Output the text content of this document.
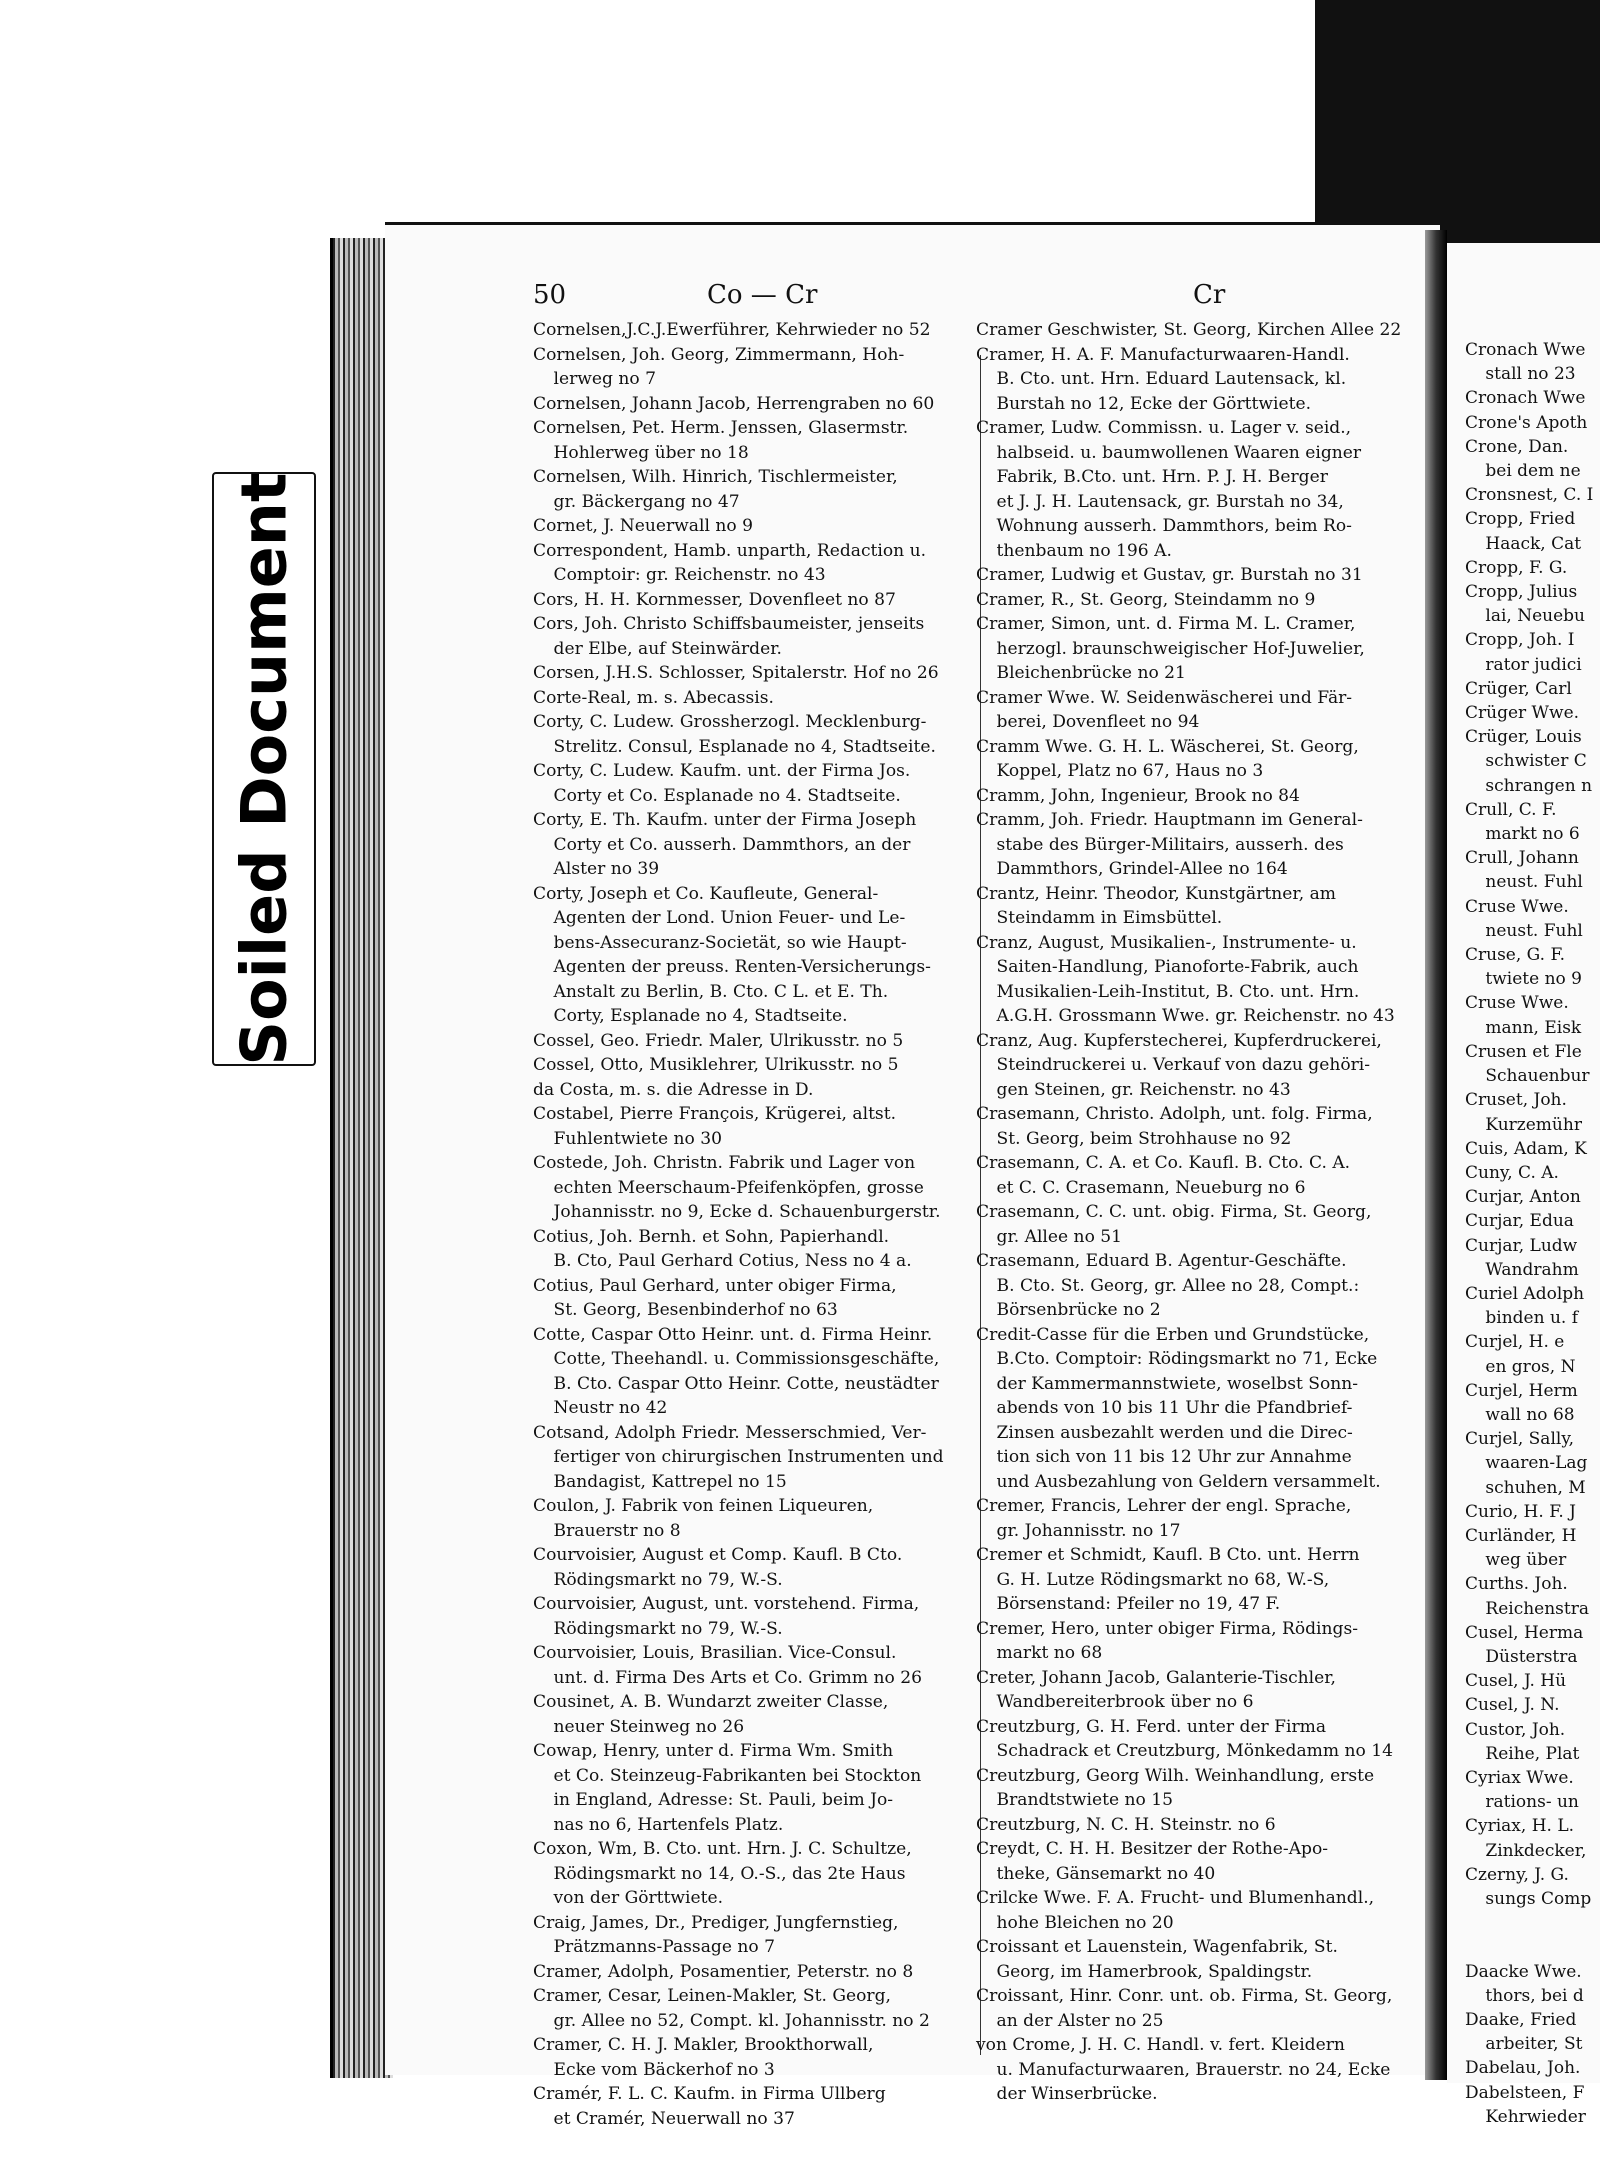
Cronach Wwe

stall no 23

Cronach Wwe

Crone's Apoth

Crone, Dan.

bei dem ne

Cronsnest, C. I

Cropp, Fried

Haack, Cat

Cropp, F. G.

Cropp, Julius

lai, Neuebu

Cropp, Joh. I

rator judici

Crüger, Carl

Crüger Wwe.

Crüger, Louis

schwister C

schrangen n

Crull, C. F.

markt no 6

Crull, Johann

neust. Fuhl

Cruse Wwe.

neust. Fuhl

Cruse, G. F.

twiete no 9

Cruse Wwe.

mann, Eisk

Crusen et Fle

Schauenbur

Cruset, Joh.

Kurzemühr

Cuis, Adam, K

Cuny, C. A.

Curjar, Anton

Curjar, Edua

Curjar, Ludw

Wandrahm

Curiel Adolph

binden u. f

Curjel, H. e

en gros, N

Curjel, Herm

wall no 68

Curjel, Sally,

waaren-Lag

schuhen, M

Curio, H. F. J

Curländer, H

weg über

Curths. Joh.

Reichenstra

Cusel, Herma

Düsterstra

Cusel, J. Hü

Cusel, J. N.

Custor, Joh.

Reihe, Plat

Cyriax Wwe.

rations- un

Cyriax, H. L.

Zinkdecker,

Czerny, J. G.

sungs Comp

Daacke Wwe.

thors, bei d

Daake, Fried

arbeiter, St

Dabelau, Joh.

Dabelsteen, F

Kehrwieder

Soiled Document
50	Co — Cr	Cr

Cornelsen,J.C.J.Ewerführer, Kehrwieder no 52

Cornelsen, Joh. Georg, Zimmermann, Hoh-

lerweg no 7

Cornelsen, Johann Jacob, Herrengraben no 60

Cornelsen, Pet. Herm. Jenssen, Glasermstr.

Hohlerweg über no 18

Cornelsen, Wilh. Hinrich, Tischlermeister,

gr. Bäckergang no 47

Cornet, J. Neuerwall no 9

Correspondent, Hamb. unparth, Redaction u.

Comptoir: gr. Reichenstr. no 43

Cors, H. H. Kornmesser, Dovenfleet no 87

Cors, Joh. Christo Schiffsbaumeister, jenseits

der Elbe, auf Steinwärder.

Corsen, J.H.S. Schlosser, Spitalerstr. Hof no 26

Corte-Real, m. s. Abecassis.

Corty, C. Ludew. Grossherzogl. Mecklenburg-

Strelitz. Consul, Esplanade no 4, Stadtseite.

Corty, C. Ludew. Kaufm. unt. der Firma Jos.

Corty et Co. Esplanade no 4. Stadtseite.

Corty, E. Th. Kaufm. unter der Firma Joseph

Corty et Co. ausserh. Dammthors, an der

Alster no 39

Corty, Joseph et Co. Kaufleute, General-

Agenten der Lond. Union Feuer- und Le-

bens-Assecuranz-Societät, so wie Haupt-

Agenten der preuss. Renten-Versicherungs-

Anstalt zu Berlin, B. Cto. C L. et E. Th.

Corty, Esplanade no 4, Stadtseite.

Cossel, Geo. Friedr. Maler, Ulrikusstr. no 5

Cossel, Otto, Musiklehrer, Ulrikusstr. no 5

da Costa, m. s. die Adresse in D.

Costabel, Pierre François, Krügerei, altst.

Fuhlentwiete no 30

Costede, Joh. Christn. Fabrik und Lager von

echten Meerschaum-Pfeifenköpfen, grosse

Johannisstr. no 9, Ecke d. Schauenburgerstr.

Cotius, Joh. Bernh. et Sohn, Papierhandl.

B. Cto, Paul Gerhard Cotius, Ness no 4 a.

Cotius, Paul Gerhard, unter obiger Firma,

St. Georg, Besenbinderhof no 63

Cotte, Caspar Otto Heinr. unt. d. Firma Heinr.

Cotte, Theehandl. u. Commissionsgeschäfte,

B. Cto. Caspar Otto Heinr. Cotte, neustädter

Neustr no 42

Cotsand, Adolph Friedr. Messerschmied, Ver-

fertiger von chirurgischen Instrumenten und

Bandagist, Kattrepel no 15

Coulon, J. Fabrik von feinen Liqueuren,

Brauerstr no 8

Courvoisier, August et Comp. Kaufl. B Cto.

Rödingsmarkt no 79, W.-S.

Courvoisier, August, unt. vorstehend. Firma,

Rödingsmarkt no 79, W.-S.

Courvoisier, Louis, Brasilian. Vice-Consul.

unt. d. Firma Des Arts et Co. Grimm no 26

Cousinet, A. B. Wundarzt zweiter Classe,

neuer Steinweg no 26

Cowap, Henry, unter d. Firma Wm. Smith

et Co. Steinzeug-Fabrikanten bei Stockton

in England, Adresse: St. Pauli, beim Jo-

nas no 6, Hartenfels Platz.

Coxon, Wm, B. Cto. unt. Hrn. J. C. Schultze,

Rödingsmarkt no 14, O.-S., das 2te Haus

von der Görttwiete.

Craig, James, Dr., Prediger, Jungfernstieg,

Prätzmanns-Passage no 7

Cramer, Adolph, Posamentier, Peterstr. no 8

Cramer, Cesar, Leinen-Makler, St. Georg,

gr. Allee no 52, Compt. kl. Johannisstr. no 2

Cramer, C. H. J. Makler, Brookthorwall,

Ecke vom Bäckerhof no 3

Cramér, F. L. C. Kaufm. in Firma Ullberg

et Cramér, Neuerwall no 37

Cramer Geschwister, St. Georg, Kirchen Allee 22

Cramer, H. A. F. Manufacturwaaren-Handl.

B. Cto. unt. Hrn. Eduard Lautensack, kl.

Burstah no 12, Ecke der Görttwiete.

Cramer, Ludw. Commissn. u. Lager v. seid.,

halbseid. u. baumwollenen Waaren eigner

Fabrik, B.Cto. unt. Hrn. P. J. H. Berger

et J. J. H. Lautensack, gr. Burstah no 34,

Wohnung ausserh. Dammthors, beim Ro-

thenbaum no 196 A.

Cramer, Ludwig et Gustav, gr. Burstah no 31

Cramer, R., St. Georg, Steindamm no 9

Cramer, Simon, unt. d. Firma M. L. Cramer,

herzogl. braunschweigischer Hof-Juwelier,

Bleichenbrücke no 21

Cramer Wwe. W. Seidenwäscherei und Fär-

berei, Dovenfleet no 94

Cramm Wwe. G. H. L. Wäscherei, St. Georg,

Koppel, Platz no 67, Haus no 3

Cramm, John, Ingenieur, Brook no 84

Cramm, Joh. Friedr. Hauptmann im General-

stabe des Bürger-Militairs, ausserh. des

Dammthors, Grindel-Allee no 164

Crantz, Heinr. Theodor, Kunstgärtner, am

Steindamm in Eimsbüttel.

Cranz, August, Musikalien-, Instrumente- u.

Saiten-Handlung, Pianoforte-Fabrik, auch

Musikalien-Leih-Institut, B. Cto. unt. Hrn.

A.G.H. Grossmann Wwe. gr. Reichenstr. no 43

Cranz, Aug. Kupferstecherei, Kupferdruckerei,

Steindruckerei u. Verkauf von dazu gehöri-

gen Steinen, gr. Reichenstr. no 43

Crasemann, Christo. Adolph, unt. folg. Firma,

St. Georg, beim Strohhause no 92

Crasemann, C. A. et Co. Kaufl. B. Cto. C. A.

et C. C. Crasemann, Neueburg no 6

Crasemann, C. C. unt. obig. Firma, St. Georg,

gr. Allee no 51

Crasemann, Eduard B. Agentur-Geschäfte.

B. Cto. St. Georg, gr. Allee no 28, Compt.:

Börsenbrücke no 2

Credit-Casse für die Erben und Grundstücke,

B.Cto. Comptoir: Rödingsmarkt no 71, Ecke

der Kammermannstwiete, woselbst Sonn-

abends von 10 bis 11 Uhr die Pfandbrief-

Zinsen ausbezahlt werden und die Direc-

tion sich von 11 bis 12 Uhr zur Annahme

und Ausbezahlung von Geldern versammelt.

Cremer, Francis, Lehrer der engl. Sprache,

gr. Johannisstr. no 17

Cremer et Schmidt, Kaufl. B Cto. unt. Herrn

G. H. Lutze Rödingsmarkt no 68, W.-S,

Börsenstand: Pfeiler no 19, 47 F.

Cremer, Hero, unter obiger Firma, Rödings-

markt no 68

Creter, Johann Jacob, Galanterie-Tischler,

Wandbereiterbrook über no 6

Creutzburg, G. H. Ferd. unter der Firma

Schadrack et Creutzburg, Mönkedamm no 14

Creutzburg, Georg Wilh. Weinhandlung, erste

Brandtstwiete no 15

Creutzburg, N. C. H. Steinstr. no 6

Creydt, C. H. H. Besitzer der Rothe-Apo-

theke, Gänsemarkt no 40

Crilcke Wwe. F. A. Frucht- und Blumenhandl.,

hohe Bleichen no 20

Croissant et Lauenstein, Wagenfabrik, St.

Georg, im Hamerbrook, Spaldingstr.

Croissant, Hinr. Conr. unt. ob. Firma, St. Georg,

an der Alster no 25

von Crome, J. H. C. Handl. v. fert. Kleidern

u. Manufacturwaaren, Brauerstr. no 24, Ecke

der Winserbrücke.
